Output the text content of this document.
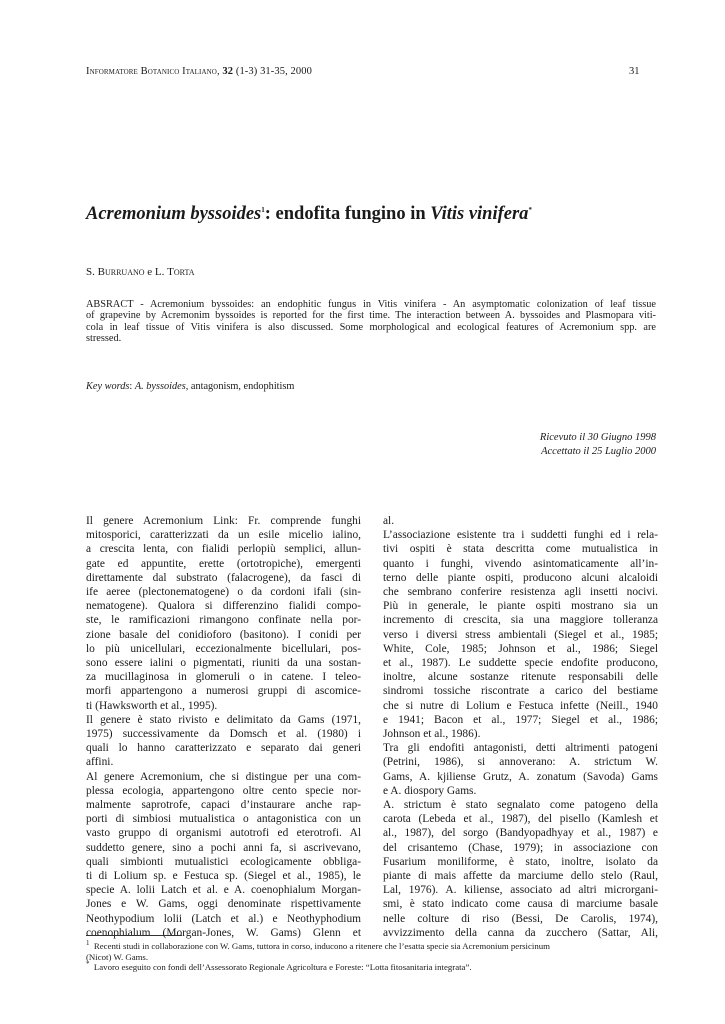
Informatore Botanico Italiano, 32 (1-3) 31-35, 2000	31
Acremonium byssoides$^1$: endofita fungino in Vitis vinifera*
S. Burruano e L. Torta
ABSRACT - Acremonium byssoides: an endophitic fungus in Vitis vinifera - An asymptomatic colonization of leaf tissue
of grapevine by Acremonim byssoides is reported for the first time. The interaction between A. byssoides and Plasmopara viti-
cola in leaf tissue of Vitis vinifera is also discussed. Some morphological and ecological features of Acremonium spp. are
stressed.
Key words: A. byssoides, antagonism, endophitism
Ricevuto il 30 Giugno 1998
Accettato il 25 Luglio 2000
Il genere Acremonium Link: Fr. comprende funghi
mitosporici, caratterizzati da un esile micelio ialino,
a crescita lenta, con fialidi perlopiù semplici, allun-
gate ed appuntite, erette (ortotropiche), emergenti
direttamente dal substrato (falacrogene), da fasci di
ife aeree (plectonematogene) o da cordoni ifali (sin-
nematogene). Qualora si differenzino fialidi compo-
ste, le ramificazioni rimangono confinate nella por-
zione basale del conidioforo (basitono). I conidi per
lo più unicellulari, eccezionalmente bicellulari, pos-
sono essere ialini o pigmentati, riuniti da una sostan-
za mucillaginosa in glomeruli o in catene. I teleo-
morfi appartengono a numerosi gruppi di ascomice-
ti (Hawksworth et al., 1995).
Il genere è stato rivisto e delimitato da Gams (1971,
1975) successivamente da Domsch et al. (1980) i
quali lo hanno caratterizzato e separato dai generi
affini.
Al genere Acremonium, che si distingue per una com-
plessa ecologia, appartengono oltre cento specie nor-
malmente saprotrofe, capaci d’instaurare anche rap-
porti di simbiosi mutualistica o antagonistica con un
vasto gruppo di organismi autotrofi ed eterotrofi. Al
suddetto genere, sino a pochi anni fa, si ascrivevano,
quali simbionti mutualistici ecologicamente obbliga-
ti di Lolium sp. e Festuca sp. (Siegel et al., 1985), le
specie A. lolii Latch et al. e A. coenophialum Morgan-
Jones e W. Gams, oggi denominate rispettivamente
Neothypodium lolii (Latch et al.) e Neothyphodium
coenophialum (Morgan-Jones, W. Gams) Glenn et
al.
L’associazione esistente tra i suddetti funghi ed i rela-
tivi ospiti è stata descritta come mutualistica in
quanto i funghi, vivendo asintomaticamente all’in-
terno delle piante ospiti, producono alcuni alcaloidi
che sembrano conferire resistenza agli insetti nocivi.
Più in generale, le piante ospiti mostrano sia un
incremento di crescita, sia una maggiore tolleranza
verso i diversi stress ambientali (Siegel et al., 1985;
White, Cole, 1985; Johnson et al., 1986; Siegel
et al., 1987). Le suddette specie endofite producono,
inoltre, alcune sostanze ritenute responsabili delle
sindromi tossiche riscontrate a carico del bestiame
che si nutre di Lolium e Festuca infette (Neill., 1940
e 1941; Bacon et al., 1977; Siegel et al., 1986;
Johnson et al., 1986).
Tra gli endofiti antagonisti, detti altrimenti patogeni
(Petrini, 1986), si annoverano: A. strictum W.
Gams, A. kjiliense Grutz, A. zonatum (Savoda) Gams
e A. diospory Gams.
A. strictum è stato segnalato come patogeno della
carota (Lebeda et al., 1987), del pisello (Kamlesh et
al., 1987), del sorgo (Bandyopadhyay et al., 1987) e
del crisantemo (Chase, 1979); in associazione con
Fusarium moniliforme, è stato, inoltre, isolato da
piante di mais affette da marciume dello stelo (Raul,
Lal, 1976). A. kiliense, associato ad altri microrgani-
smi, è stato indicato come causa di marciume basale
nelle colture di riso (Bessi, De Carolis, 1974),
avvizzimento della canna da zucchero (Sattar, Ali,
$^1$ Recenti studi in collaborazione con W. Gams, tuttora in corso, inducono a ritenere che l’esatta specie sia Acremonium persicinum
(Nicot) W. Gams.
* Lavoro eseguito con fondi dell’Assessorato Regionale Agricoltura e Foreste: “Lotta fitosanitaria integrata”.
